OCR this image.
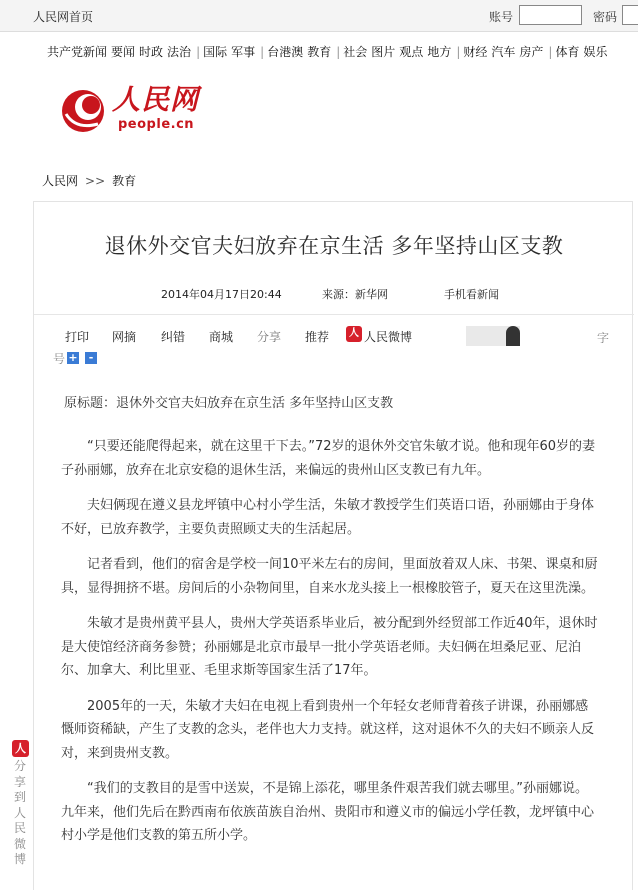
人民网首页	账号	密码
共产党新闻 要闻 时政 法治 | 国际 军事 | 台港澳 教育 | 社会 图片 观点 地方 | 财经 汽车 房产 | 体育 娱乐
人民网
people.cn
人民网 >> 教育
退休外交官夫妇放弃在京生活 多年坚持山区支教
2014年04月17日20:44	来源：新华网	手机看新闻
打印 网摘 纠错 商城 分享 推荐	人 人民微博	字
号 +	-
原标题：退休外交官夫妇放弃在京生活 多年坚持山区支教

“只要还能爬得起来，就在这里干下去。”72岁的退休外交官朱敏才说。他和现年60岁的妻子孙丽娜，放弃在北京安稳的退休生活，来偏远的贵州山区支教已有九年。

夫妇俩现在遵义县龙坪镇中心村小学生活，朱敏才教授学生们英语口语，孙丽娜由于身体不好，已放弃教学，主要负责照顾丈夫的生活起居。

记者看到，他们的宿舍是学校一间10平米左右的房间，里面放着双人床、书架、课桌和厨具，显得拥挤不堪。房间后的小杂物间里，自来水龙头接上一根橡胶管子，夏天在这里洗澡。

朱敏才是贵州黄平县人，贵州大学英语系毕业后，被分配到外经贸部工作近40年，退休时是大使馆经济商务参赞；孙丽娜是北京市最早一批小学英语老师。夫妇俩在坦桑尼亚、尼泊尔、加拿大、利比里亚、毛里求斯等国家生活了17年。

2005年的一天，朱敏才夫妇在电视上看到贵州一个年轻女老师背着孩子讲课，孙丽娜感慨师资稀缺，产生了支教的念头，老伴也大力支持。就这样，这对退休不久的夫妇不顾亲人反对，来到贵州支教。

“我们的支教目的是雪中送炭，不是锦上添花，哪里条件艰苦我们就去哪里。”孙丽娜说。九年来，他们先后在黔西南布依族苗族自治州、贵阳市和遵义市的偏远小学任教，龙坪镇中心村小学是他们支教的第五所小学。

人
分享到人民微博
